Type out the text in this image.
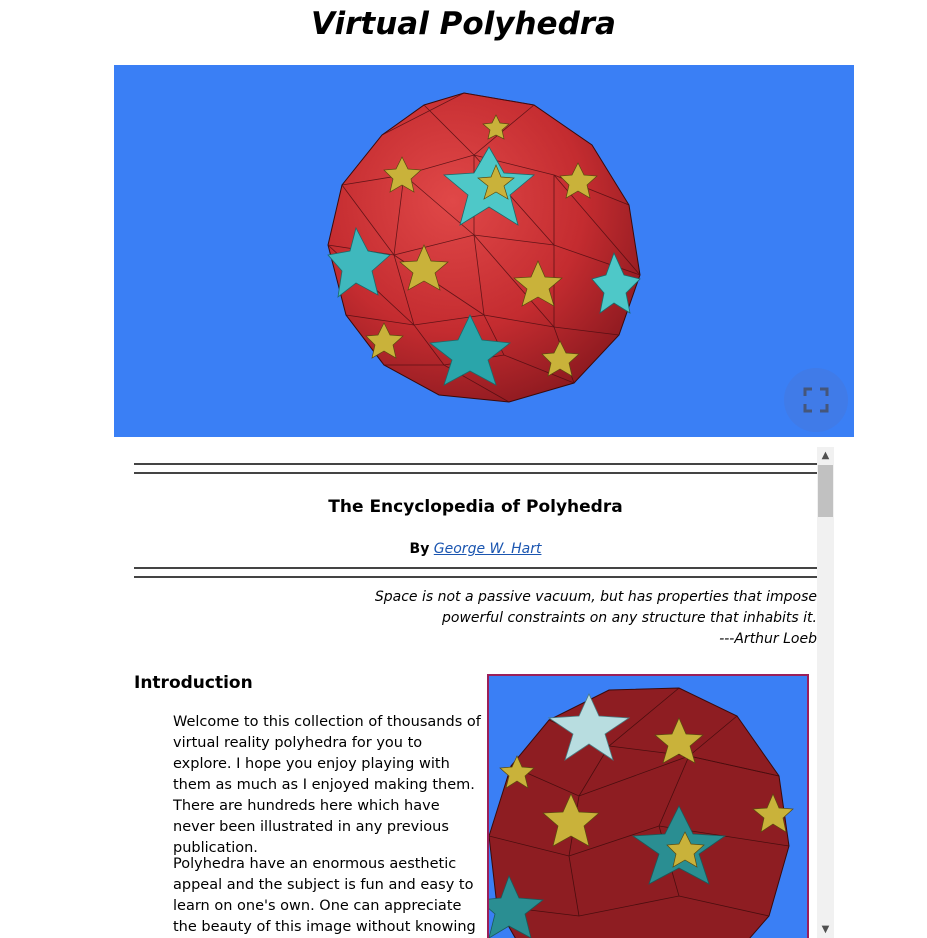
Virtual Polyhedra
The Encyclopedia of Polyhedra
By George W. Hart
Space is not a passive vacuum, but has properties that impose
powerful constraints on any structure that inhabits it.
---Arthur Loeb
Introduction

Welcome to this collection of thousands of virtual reality polyhedra for you to explore. I hope you enjoy playing with them as much as I enjoyed making them. There are hundreds here which have never been illustrated in any previous publication.

Polyhedra have an enormous aesthetic appeal and the subject is fun and easy to learn on one's own. One can appreciate the beauty of this image without knowing

▲
▼
